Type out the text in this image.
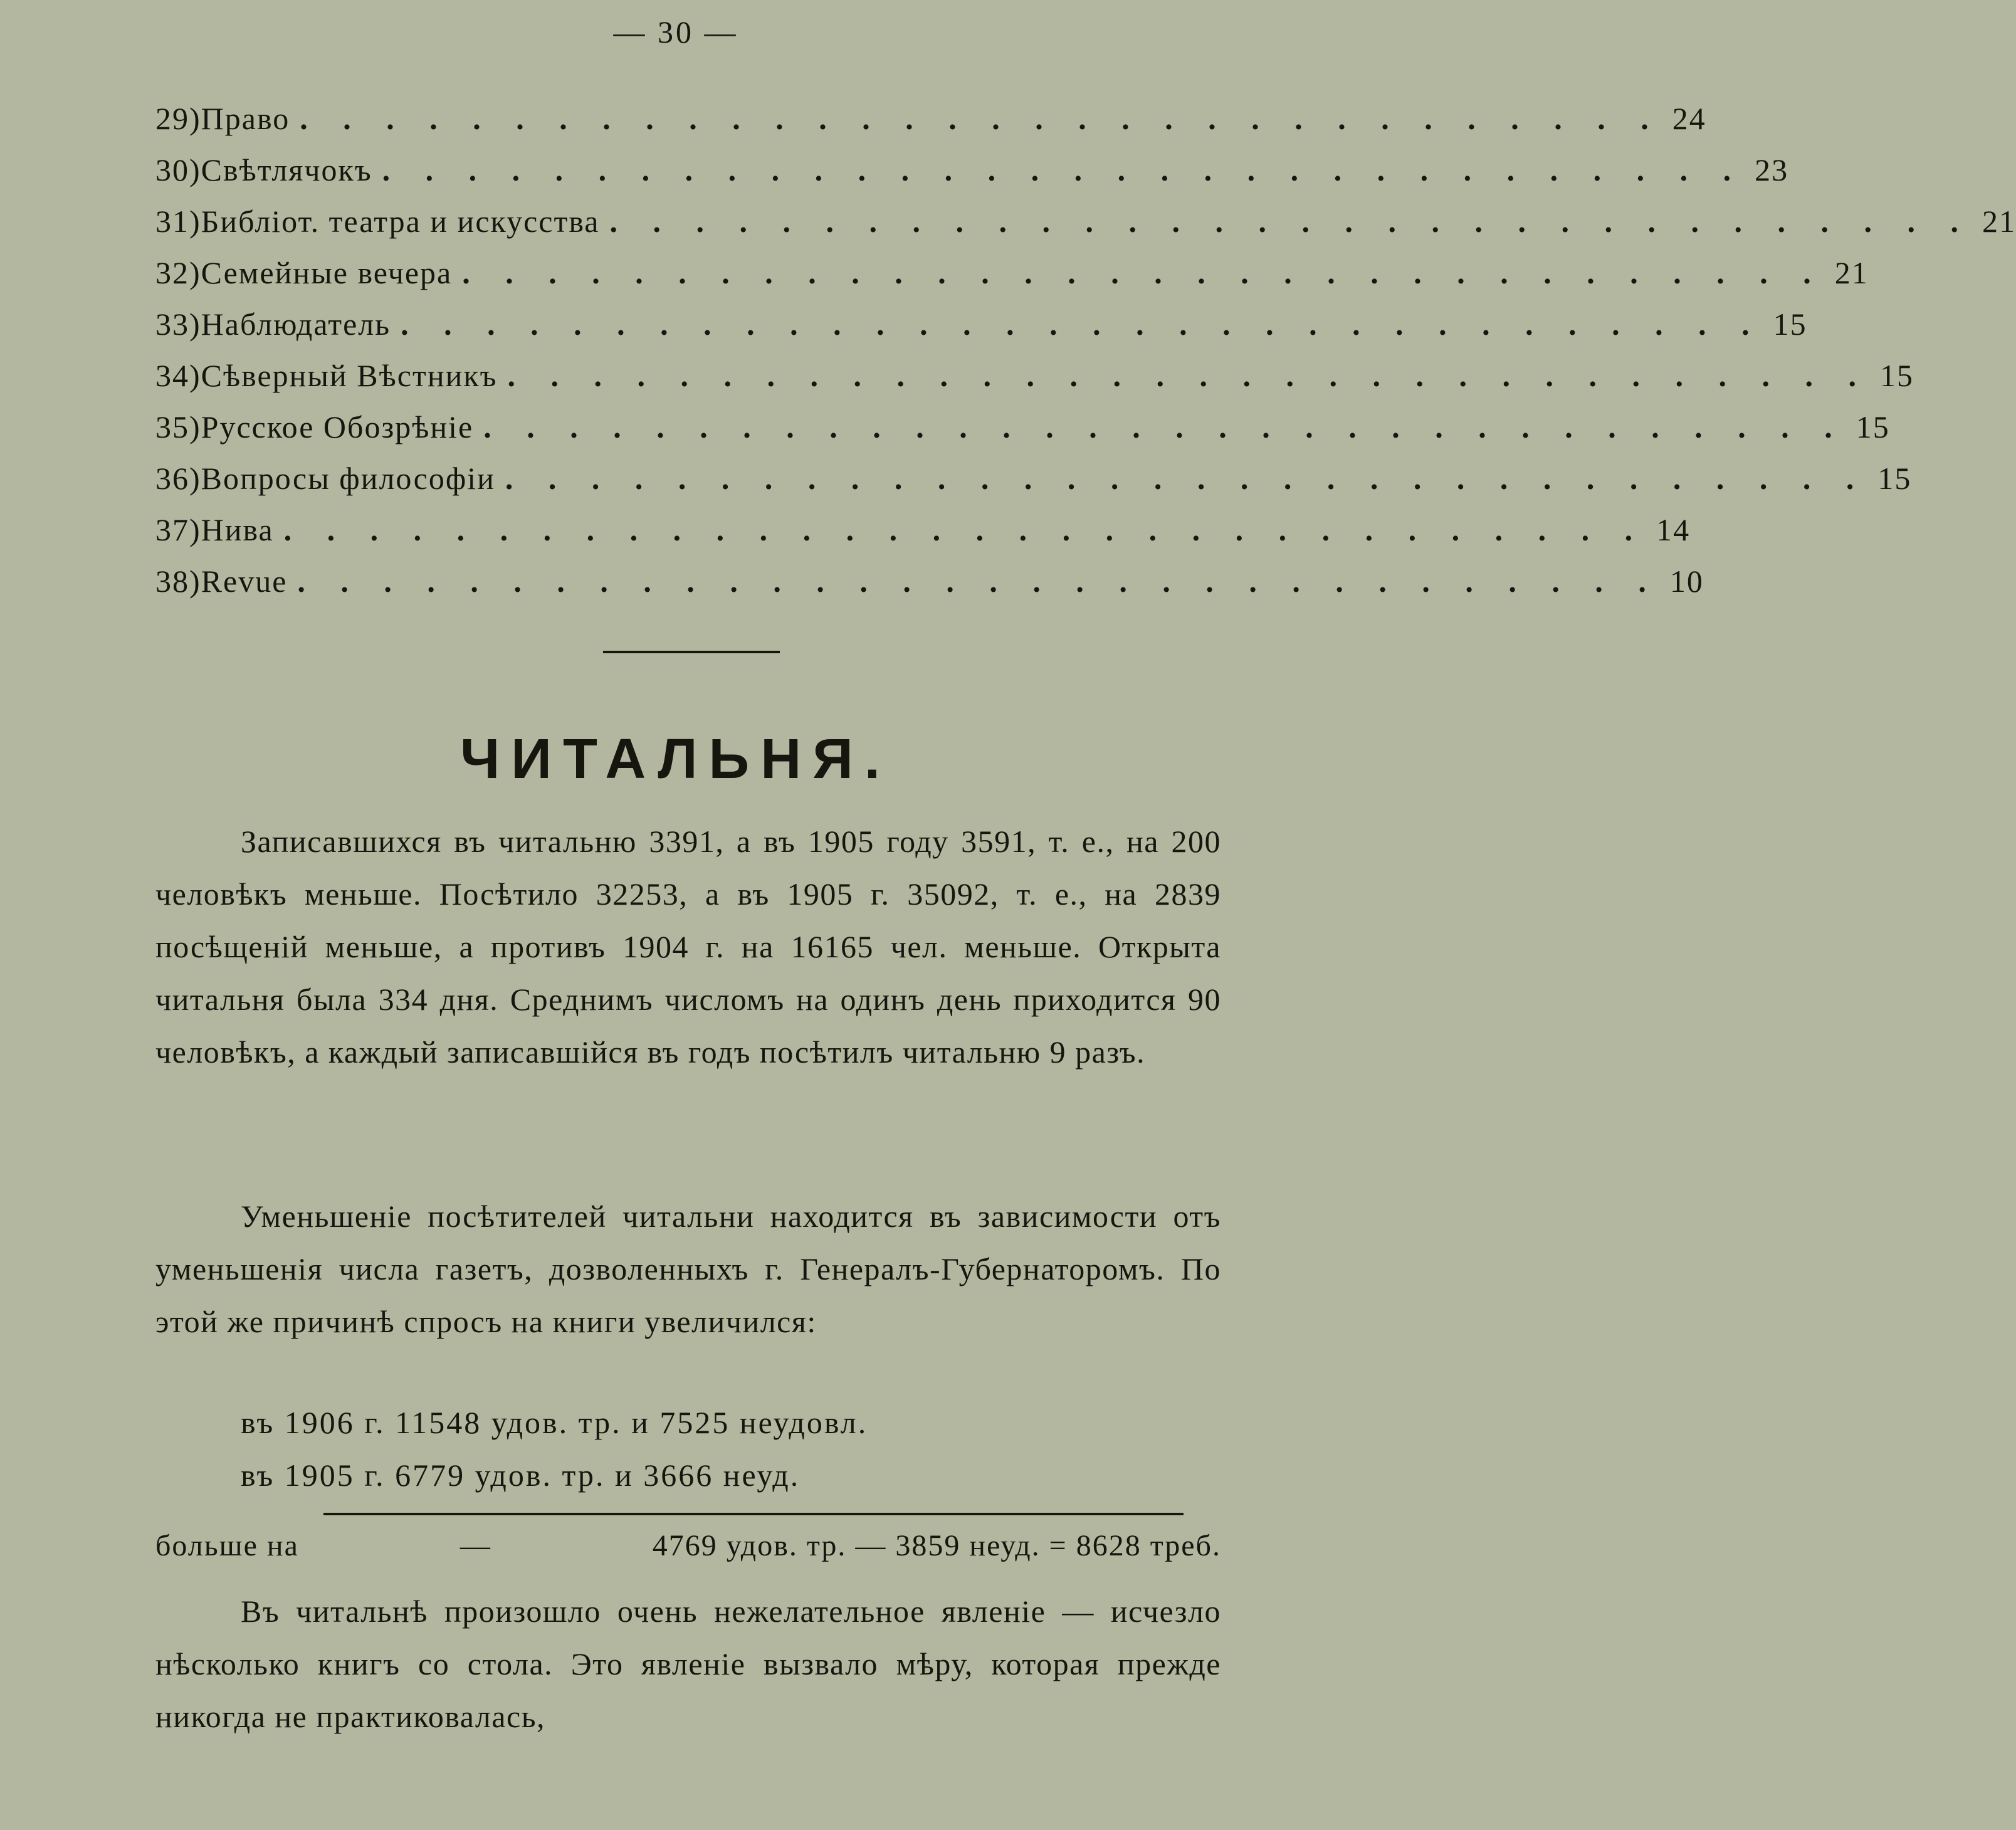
— 30 —
29) Право . . . . . . . . . . . . . . . . . . . . . . . . . . . . . . . . 24
30) Свѣтлячокъ . . . . . . . . . . . . . . . . . . . . . . . . . . . . . . . . 23
31) Библіот. театра и искусства . . . . . . . . . . . . . . . . . . . . . . . . . . . . . . . . 21
32) Семейные вечера . . . . . . . . . . . . . . . . . . . . . . . . . . . . . . . . 21
33) Наблюдатель . . . . . . . . . . . . . . . . . . . . . . . . . . . . . . . . 15
34) Сѣверный Вѣстникъ . . . . . . . . . . . . . . . . . . . . . . . . . . . . . . . . 15
35) Русское Обозрѣніе . . . . . . . . . . . . . . . . . . . . . . . . . . . . . . . . 15
36) Вопросы философіи . . . . . . . . . . . . . . . . . . . . . . . . . . . . . . . . 15
37) Нива . . . . . . . . . . . . . . . . . . . . . . . . . . . . . . . . 14
38) Revue . . . . . . . . . . . . . . . . . . . . . . . . . . . . . . . . 10
ЧИТАЛЬНЯ.
Записавшихся въ читальню 3391, а въ 1905 году 3591, т. е., на 200 человѣкъ меньше. Посѣтило 32253, а въ 1905 г. 35092, т. е., на 2839 посѣщеній меньше, а противъ 1904 г. на 16165 чел. меньше. Открыта читальня была 334 дня. Среднимъ числомъ на одинъ день приходится 90 человѣкъ, а каждый записавшійся въ годъ посѣтилъ читальню 9 разъ.
Уменьшеніе посѣтителей читальни находится въ зависимости отъ уменьшенія числа газетъ, дозволенныхъ г. Генералъ-Губернаторомъ. По этой же причинѣ спросъ на книги увеличился:
въ 1906 г. 11548 удов. тр. и 7525 неудовл.
въ 1905 г. 6779 удов. тр. и 3666 неуд.
больше на	—	4769 удов. тр. — 3859 неуд. = 8628 треб.
Въ читальнѣ произошло очень нежелательное явленіе — исчезло нѣсколько книгъ со стола. Это явленіе вызвало мѣру, которая прежде никогда не практиковалась,
